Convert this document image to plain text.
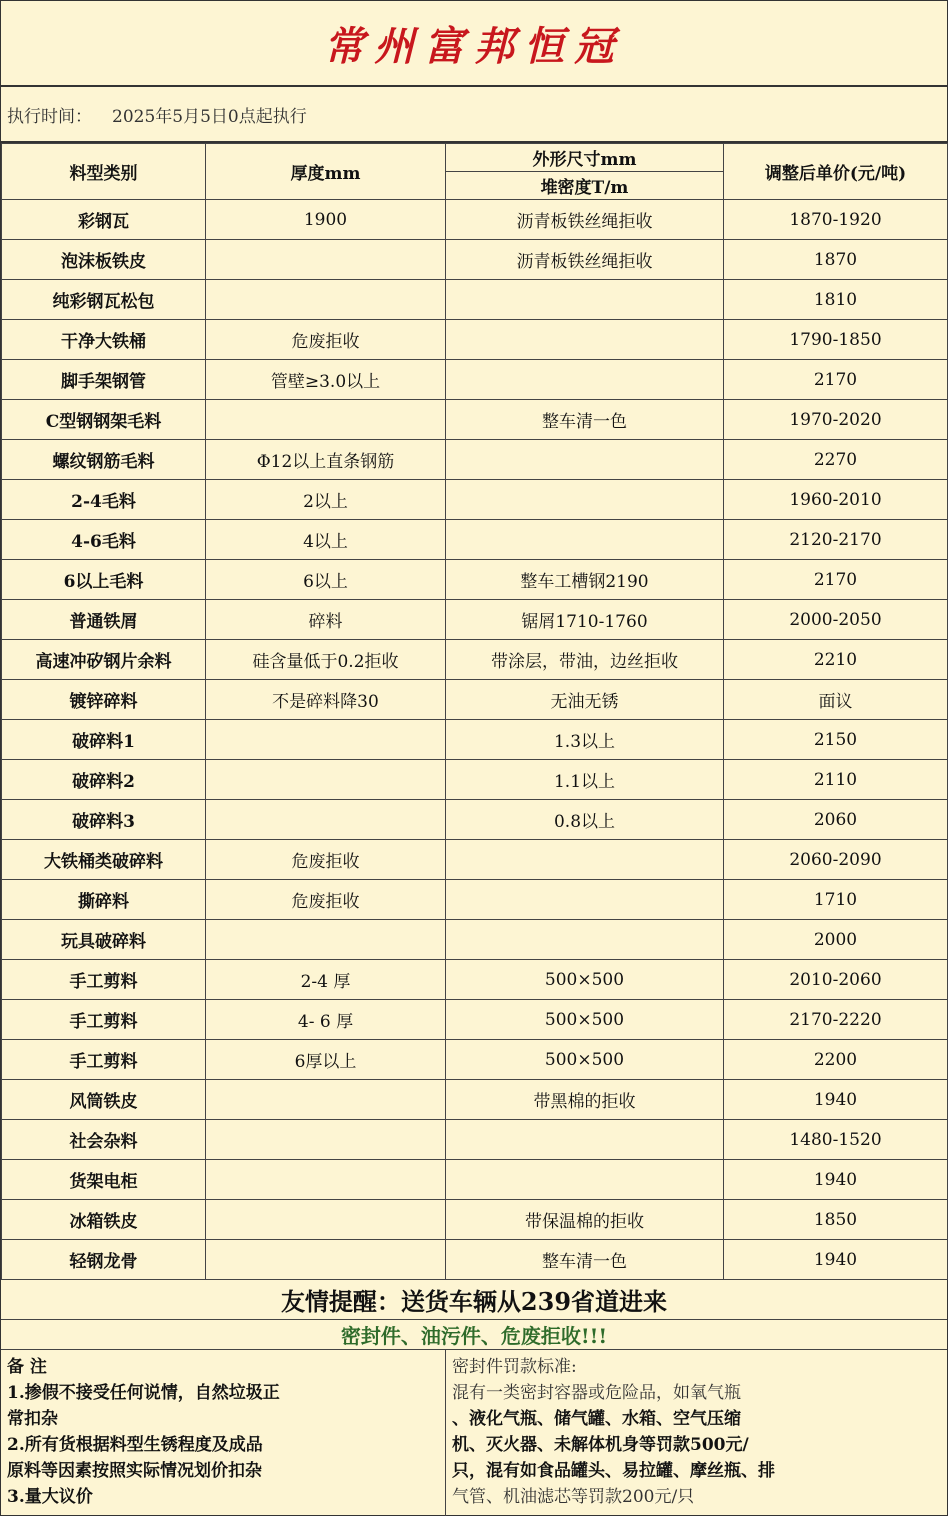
常州富邦恒冠
执行时间： 2025年5月5日0点起执行
料型类别	厚度mm	外形尺寸mm	调整后单价(元/吨)
		堆密度T/m	
彩钢瓦	1900	沥青板铁丝绳拒收	1870-1920
泡沫板铁皮		沥青板铁丝绳拒收	1870
纯彩钢瓦松包			1810
干净大铁桶	危废拒收		1790-1850
脚手架钢管	管壁≥3.0以上		2170
C型钢钢架毛料		整车清一色	1970-2020
螺纹钢筋毛料	Φ12以上直条钢筋		2270
2-4毛料	2以上		1960-2010
4-6毛料	4以上		2120-2170
6以上毛料	6以上	整车工槽钢2190	2170
普通铁屑	碎料	锯屑1710-1760	2000-2050
高速冲矽钢片余料	硅含量低于0.2拒收	带涂层，带油，边丝拒收	2210
镀锌碎料	不是碎料降30	无油无锈	面议
破碎料1		1.3以上	2150
破碎料2		1.1以上	2110
破碎料3		0.8以上	2060
大铁桶类破碎料	危废拒收		2060-2090
撕碎料	危废拒收		1710
玩具破碎料			2000
手工剪料	2-4 厚	500×500	2010-2060
手工剪料	4- 6 厚	500×500	2170-2220
手工剪料	6厚以上	500×500	2200
风筒铁皮		带黑棉的拒收	1940
社会杂料			1480-1520
货架电柜			1940
冰箱铁皮		带保温棉的拒收	1850
轻钢龙骨		整车清一色	1940
友情提醒：送货车辆从239省道进来
密封件、油污件、危废拒收!!!
备 注
1.掺假不接受任何说情，自然垃圾正
常扣杂
2.所有货根据料型生锈程度及成品
原料等因素按照实际情况划价扣杂
3.量大议价
密封件罚款标准:
混有一类密封容器或危险品，如氧气瓶
、液化气瓶、储气罐、水箱、空气压缩
机、灭火器、未解体机身等罚款500元/
只，混有如食品罐头、易拉罐、摩丝瓶、排
气管、机油滤芯等罚款200元/只
